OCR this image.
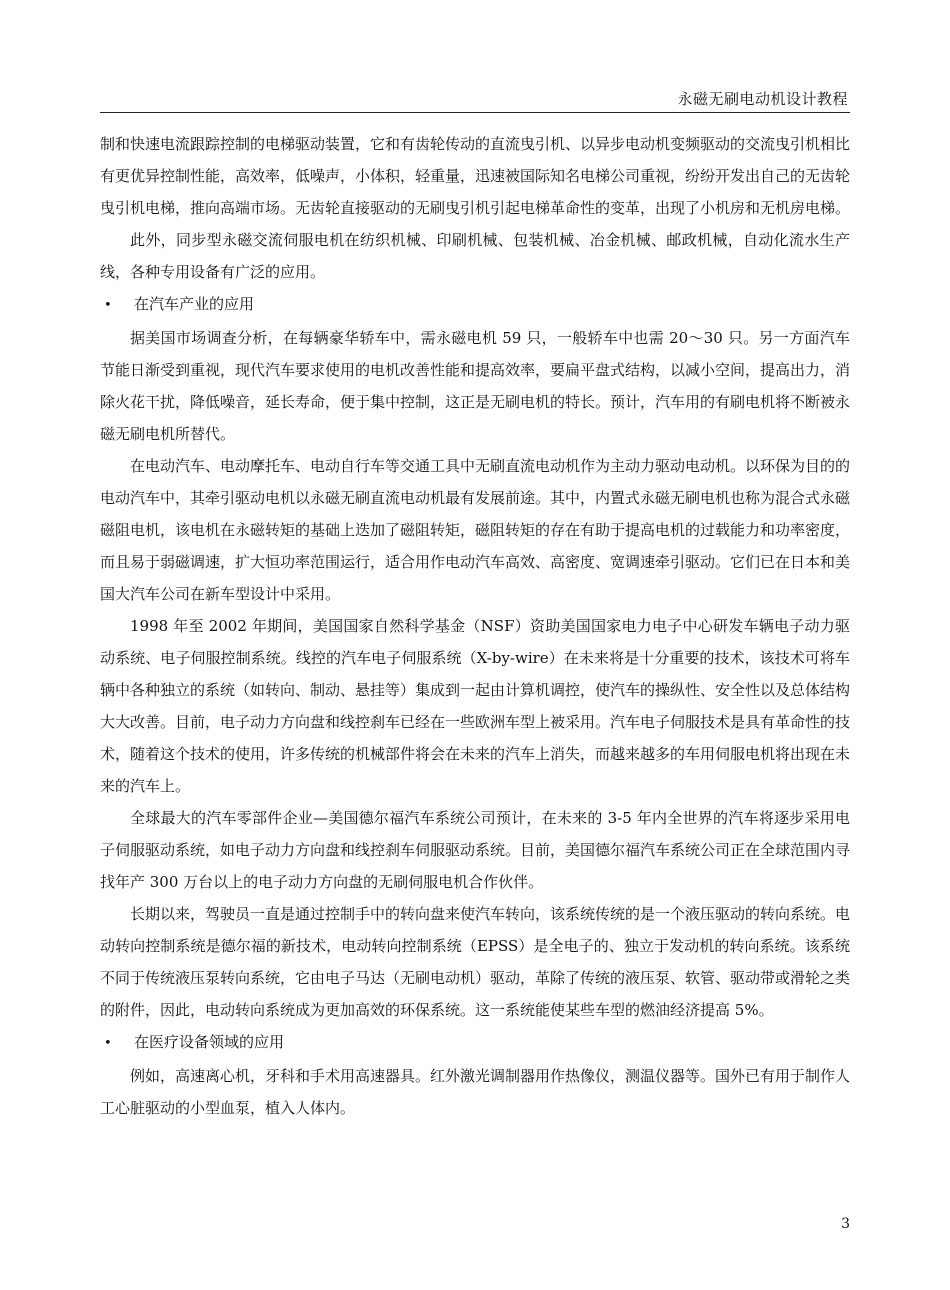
永磁无刷电动机设计教程

制和快速电流跟踪控制的电梯驱动装置，它和有齿轮传动的直流曳引机、以异步电动机变频驱动的交流曳引机相比有更优异控制性能，高效率，低噪声，小体积，轻重量，迅速被国际知名电梯公司重视，纷纷开发出自己的无齿轮曳引机电梯，推向高端市场。无齿轮直接驱动的无刷曳引机引起电梯革命性的变革，出现了小机房和无机房电梯。

此外，同步型永磁交流伺服电机在纺织机械、印刷机械、包装机械、冶金机械、邮政机械，自动化流水生产线，各种专用设备有广泛的应用。

•	在汽车产业的应用

据美国市场调查分析，在每辆豪华轿车中，需永磁电机 59 只，一般轿车中也需 20～30 只。另一方面汽车节能日渐受到重视，现代汽车要求使用的电机改善性能和提高效率，要扁平盘式结构，以减小空间，提高出力，消除火花干扰，降低噪音，延长寿命，便于集中控制，这正是无刷电机的特长。预计，汽车用的有刷电机将不断被永磁无刷电机所替代。

在电动汽车、电动摩托车、电动自行车等交通工具中无刷直流电动机作为主动力驱动电动机。以环保为目的的电动汽车中，其牵引驱动电机以永磁无刷直流电动机最有发展前途。其中，内置式永磁无刷电机也称为混合式永磁磁阻电机，该电机在永磁转矩的基础上迭加了磁阻转矩，磁阻转矩的存在有助于提高电机的过载能力和功率密度，而且易于弱磁调速，扩大恒功率范围运行，适合用作电动汽车高效、高密度、宽调速牵引驱动。它们已在日本和美国大汽车公司在新车型设计中采用。

1998 年至 2002 年期间，美国国家自然科学基金（NSF）资助美国国家电力电子中心研发车辆电子动力驱动系统、电子伺服控制系统。线控的汽车电子伺服系统（X-by-wire）在未来将是十分重要的技术，该技术可将车辆中各种独立的系统（如转向、制动、悬挂等）集成到一起由计算机调控，使汽车的操纵性、安全性以及总体结构大大改善。目前，电子动力方向盘和线控刹车已经在一些欧洲车型上被采用。汽车电子伺服技术是具有革命性的技术，随着这个技术的使用，许多传统的机械部件将会在未来的汽车上消失，而越来越多的车用伺服电机将出现在未来的汽车上。

全球最大的汽车零部件企业—美国德尔福汽车系统公司预计，在未来的 3-5 年内全世界的汽车将逐步采用电子伺服驱动系统，如电子动力方向盘和线控刹车伺服驱动系统。目前，美国德尔福汽车系统公司正在全球范围内寻找年产 300 万台以上的电子动力方向盘的无刷伺服电机合作伙伴。

长期以来，驾驶员一直是通过控制手中的转向盘来使汽车转向，该系统传统的是一个液压驱动的转向系统。电动转向控制系统是德尔福的新技术，电动转向控制系统（EPSS）是全电子的、独立于发动机的转向系统。该系统不同于传统液压泵转向系统，它由电子马达（无刷电动机）驱动，革除了传统的液压泵、软管、驱动带或滑轮之类的附件，因此，电动转向系统成为更加高效的环保系统。这一系统能使某些车型的燃油经济提高 5%。

•	在医疗设备领域的应用

例如，高速离心机，牙科和手术用高速器具。红外激光调制器用作热像仪，测温仪器等。国外已有用于制作人工心脏驱动的小型血泵，植入人体内。

3
